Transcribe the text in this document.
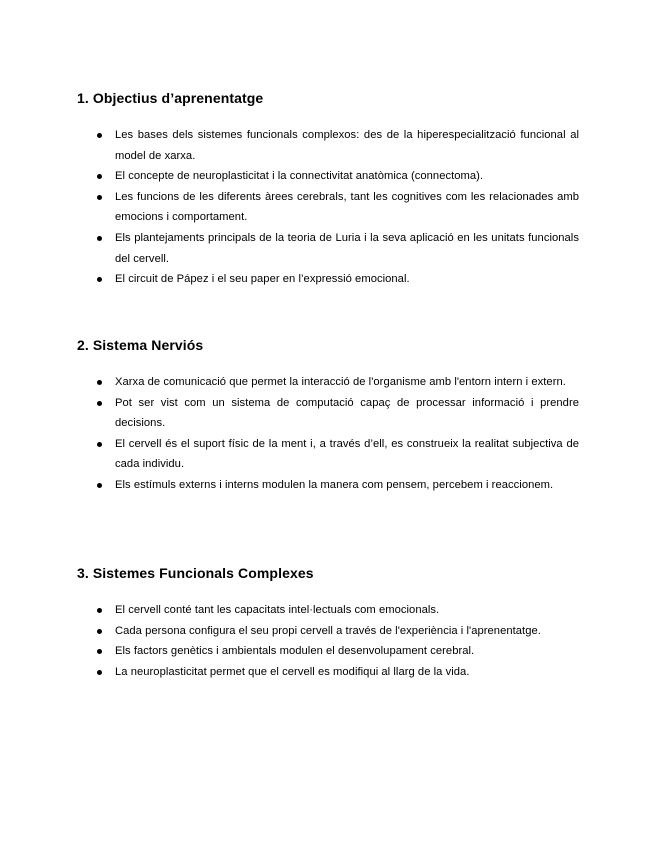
1. Objectius d’aprenentatge
Les bases dels sistemes funcionals complexos: des de la hiperespecialització funcional al model de xarxa.
El concepte de neuroplasticitat i la connectivitat anatòmica (connectoma).
Les funcions de les diferents àrees cerebrals, tant les cognitives com les relacionades amb emocions i comportament.
Els plantejaments principals de la teoria de Luria i la seva aplicació en les unitats funcionals del cervell.
El circuit de Pápez i el seu paper en l’expressió emocional.
2. Sistema Nerviós
Xarxa de comunicació que permet la interacció de l'organisme amb l'entorn intern i extern.
Pot ser vist com un sistema de computació capaç de processar informació i prendre decisions.
El cervell és el suport físic de la ment i, a través d’ell, es construeix la realitat subjectiva de cada individu.
Els estímuls externs i interns modulen la manera com pensem, percebem i reaccionem.
3. Sistemes Funcionals Complexes
El cervell conté tant les capacitats intel·lectuals com emocionals.
Cada persona configura el seu propi cervell a través de l'experiència i l'aprenentatge.
Els factors genètics i ambientals modulen el desenvolupament cerebral.
La neuroplasticitat permet que el cervell es modifiqui al llarg de la vida.
